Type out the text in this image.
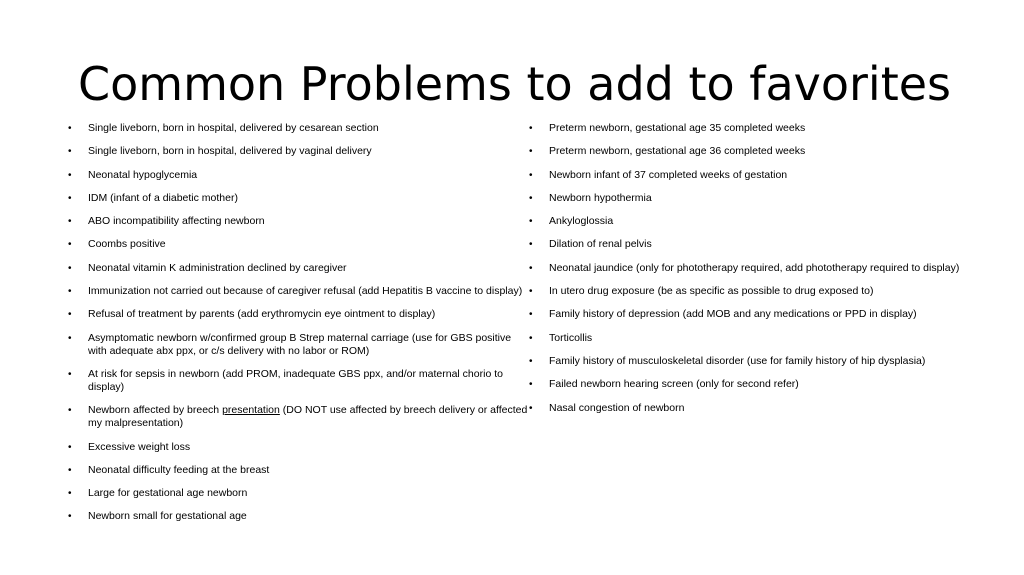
Common Problems to add to favorites
• Single liveborn, born in hospital, delivered by cesarean section
• Single liveborn, born in hospital, delivered by vaginal delivery
• Neonatal hypoglycemia
• IDM (infant of a diabetic mother)
• ABO incompatibility affecting newborn
• Coombs positive
• Neonatal vitamin K administration declined by caregiver
• Immunization not carried out because of caregiver refusal (add Hepatitis B vaccine to display)
• Refusal of treatment by parents (add erythromycin eye ointment to display)
• Asymptomatic newborn w/confirmed group B Strep maternal carriage (use for GBS positive with adequate abx ppx, or c/s delivery with no labor or ROM)
• At risk for sepsis in newborn (add PROM, inadequate GBS ppx, and/or maternal chorio to display)
• Newborn affected by breech presentation (DO NOT use affected by breech delivery or affected my malpresentation)
• Excessive weight loss
• Neonatal difficulty feeding at the breast
• Large for gestational age newborn
• Newborn small for gestational age
• Preterm newborn, gestational age 35 completed weeks
• Preterm newborn, gestational age 36 completed weeks
• Newborn infant of 37 completed weeks of gestation
• Newborn hypothermia
• Ankyloglossia
• Dilation of renal pelvis
• Neonatal jaundice (only for phototherapy required, add phototherapy required to display)
• In utero drug exposure (be as specific as possible to drug exposed to)
• Family history of depression (add MOB and any medications or PPD in display)
• Torticollis
• Family history of musculoskeletal disorder (use for family history of hip dysplasia)
• Failed newborn hearing screen (only for second refer)
• Nasal congestion of newborn
